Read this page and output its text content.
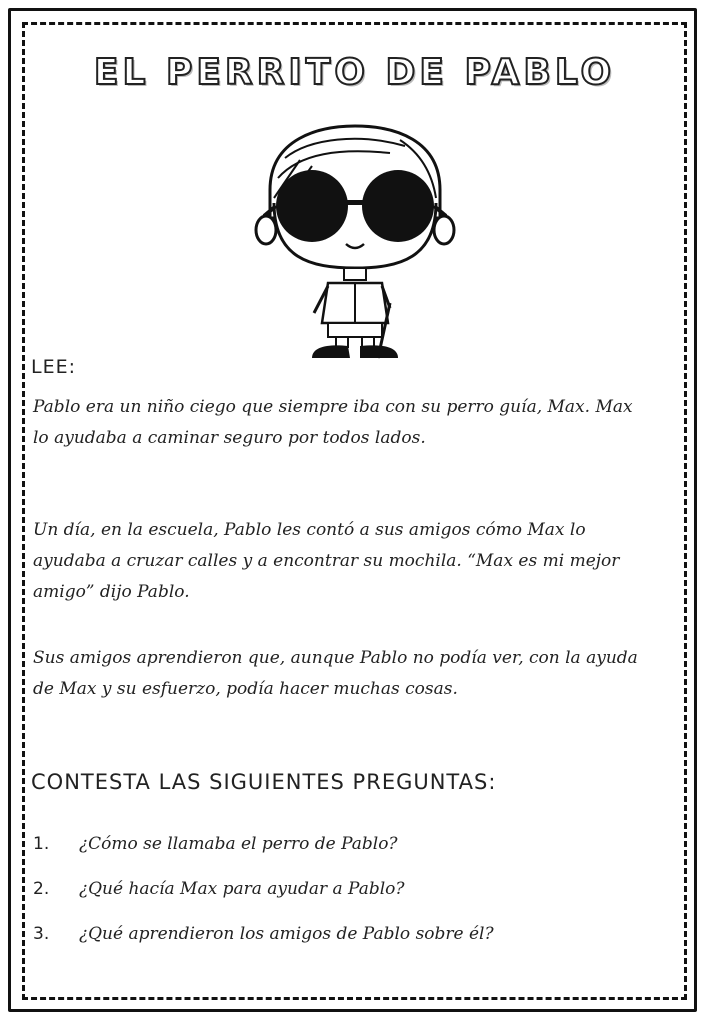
EL PERRITO DE PABLO
LEE:
Pablo era un niño ciego que siempre iba con su perro guía, Max. Max lo ayudaba a caminar seguro por todos lados.
Un día, en la escuela, Pablo les contó a sus amigos cómo Max lo ayudaba a cruzar calles y a encontrar su mochila. “Max es mi mejor amigo” dijo Pablo.
Sus amigos aprendieron que, aunque Pablo no podía ver, con la ayuda de Max y su esfuerzo, podía hacer muchas cosas.
CONTESTA LAS SIGUIENTES PREGUNTAS:
1.	¿Cómo se llamaba el perro de Pablo?
2.	¿Qué hacía Max para ayudar a Pablo?
3.	¿Qué aprendieron los amigos de Pablo sobre él?
